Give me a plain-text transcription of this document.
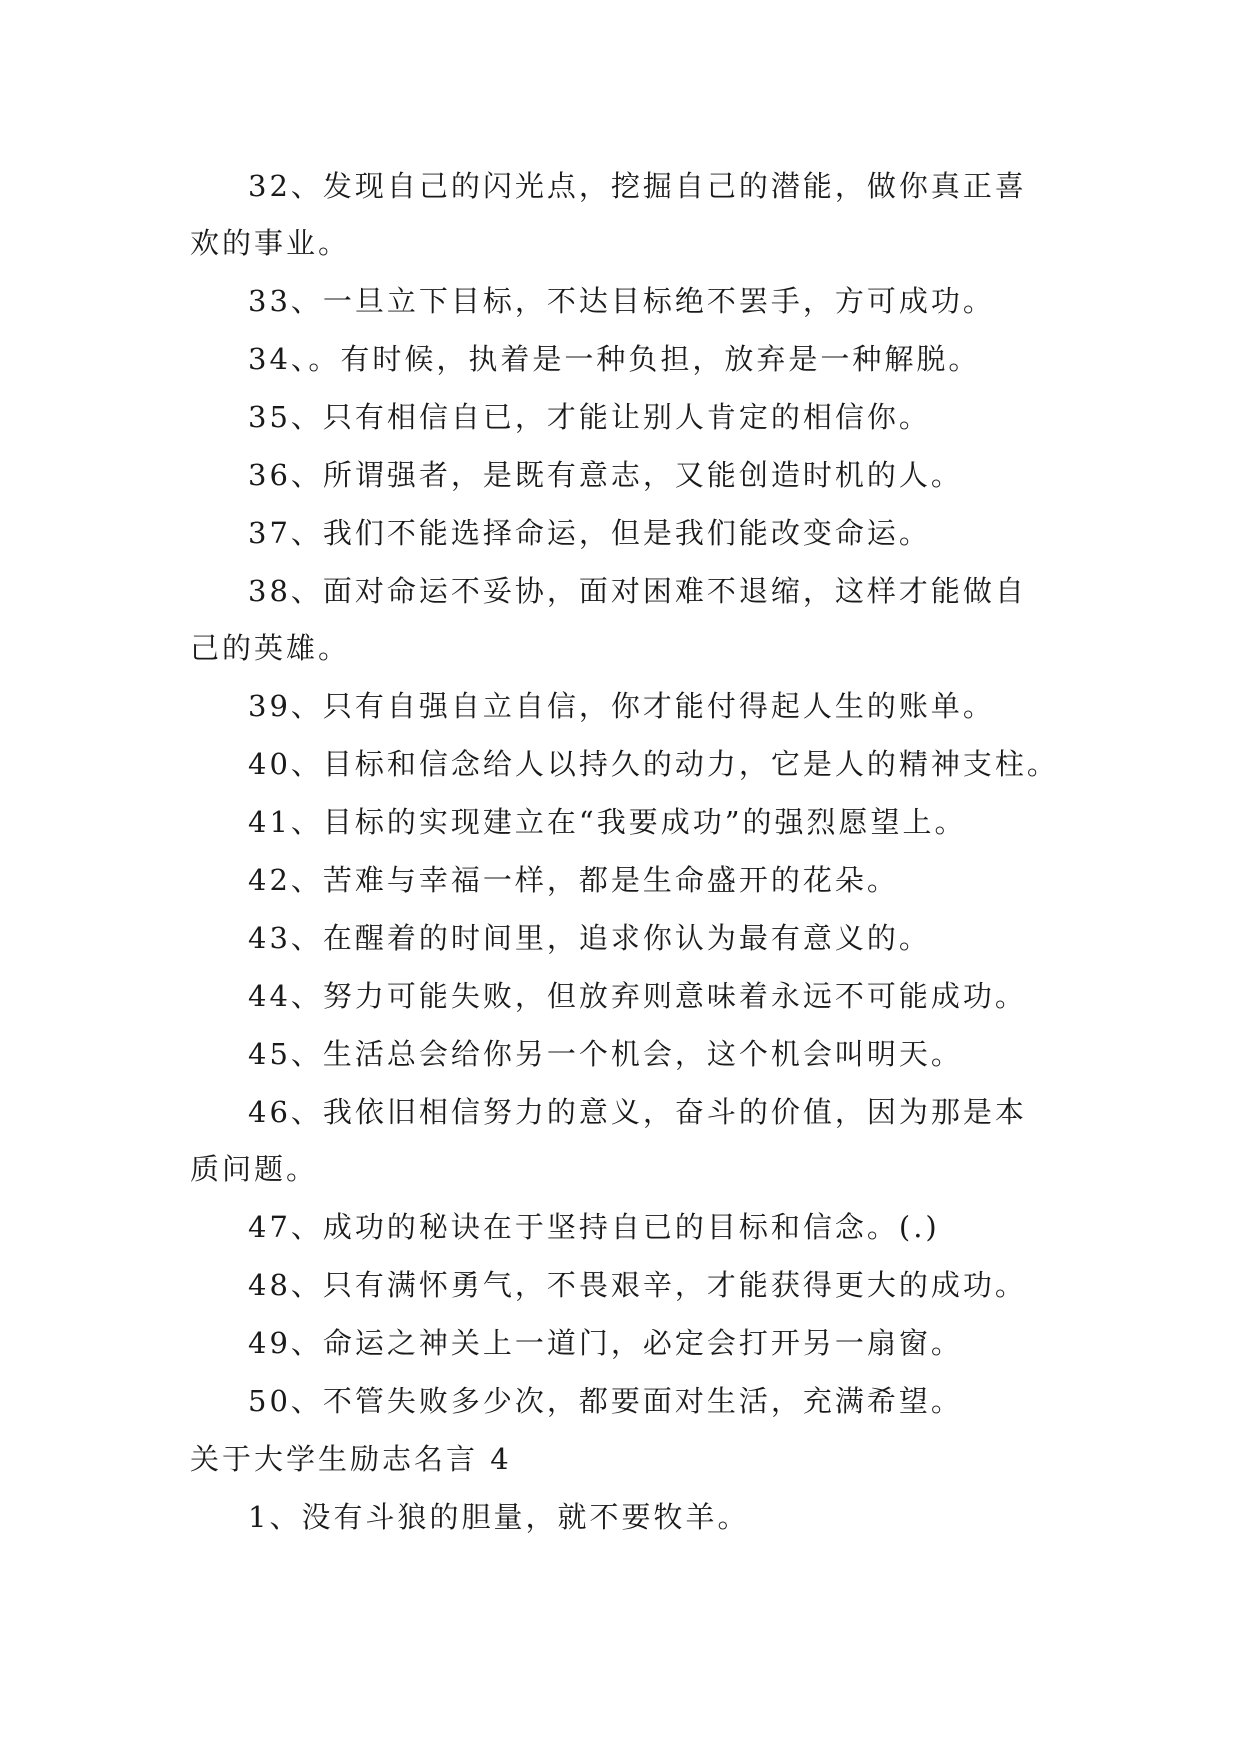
32、发现自己的闪光点，挖掘自己的潜能，做你真正喜
欢的事业。
33、一旦立下目标，不达目标绝不罢手，方可成功。
34、。有时候，执着是一种负担，放弃是一种解脱。
35、只有相信自已，才能让别人肯定的相信你。
36、所谓强者，是既有意志，又能创造时机的人。
37、我们不能选择命运，但是我们能改变命运。
38、面对命运不妥协，面对困难不退缩，这样才能做自
己的英雄。
39、只有自强自立自信，你才能付得起人生的账单。
40、目标和信念给人以持久的动力，它是人的精神支柱。
41、目标的实现建立在“我要成功”的强烈愿望上。
42、苦难与幸福一样，都是生命盛开的花朵。
43、在醒着的时间里，追求你认为最有意义的。
44、努力可能失败，但放弃则意味着永远不可能成功。
45、生活总会给你另一个机会，这个机会叫明天。
46、我依旧相信努力的意义，奋斗的价值，因为那是本
质问题。
47、成功的秘诀在于坚持自已的目标和信念。(.)
48、只有满怀勇气，不畏艰辛，才能获得更大的成功。
49、命运之神关上一道门，必定会打开另一扇窗。
50、不管失败多少次，都要面对生活，充满希望。
关于大学生励志名言 4
1、没有斗狼的胆量，就不要牧羊。
